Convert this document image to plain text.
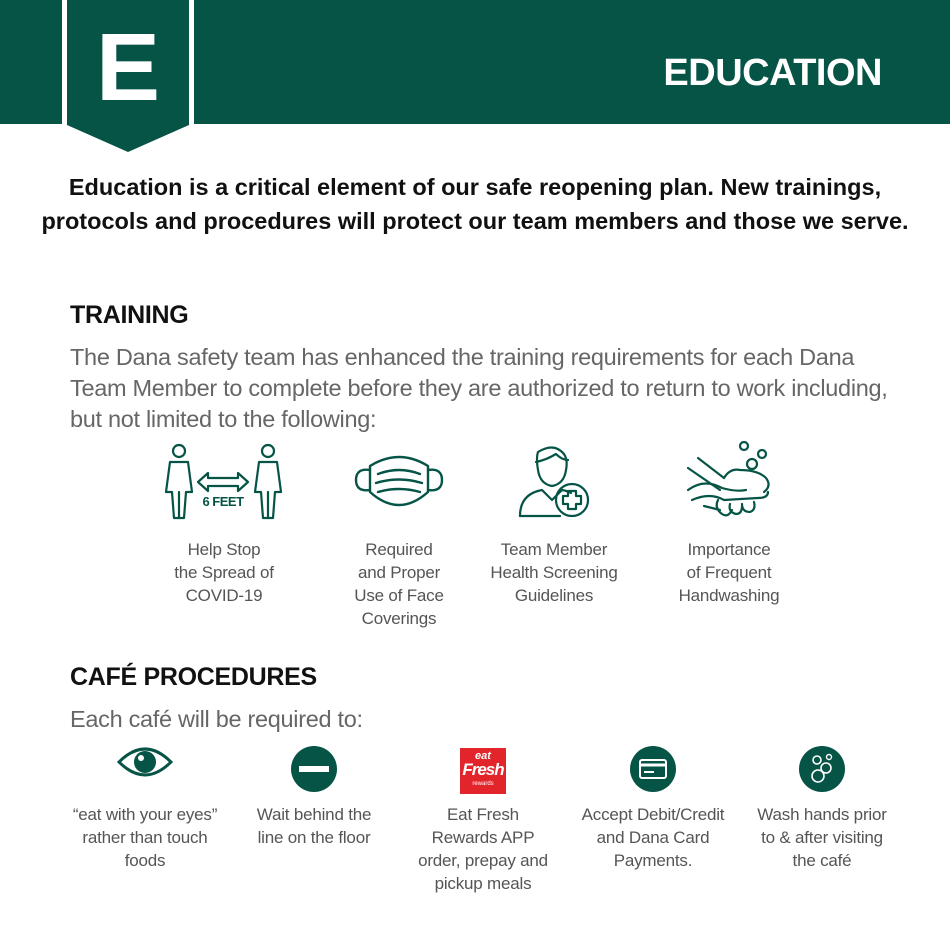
E	EDUCATION
Education is a critical element of our safe reopening plan. New trainings,
protocols and procedures will protect our team members and those we serve.
TRAINING
The Dana safety team has enhanced the training requirements for each Dana Team Member to complete before they are authorized to return to work including, but not limited to the following:
6 FEET
Help Stop
the Spread of
COVID-19
Required
and Proper
Use of Face
Coverings
Team Member
Health Screening
Guidelines
Importance
of Frequent
Handwashing
CAFÉ PROCEDURES
Each café will be required to:
eat
Fresh
rewards
“eat with your eyes”
rather than touch
foods
Wait behind the
line on the floor
Eat Fresh
Rewards APP
order, prepay and
pickup meals
Accept Debit/Credit
and Dana Card
Payments.
Wash hands prior
to & after visiting
the café
